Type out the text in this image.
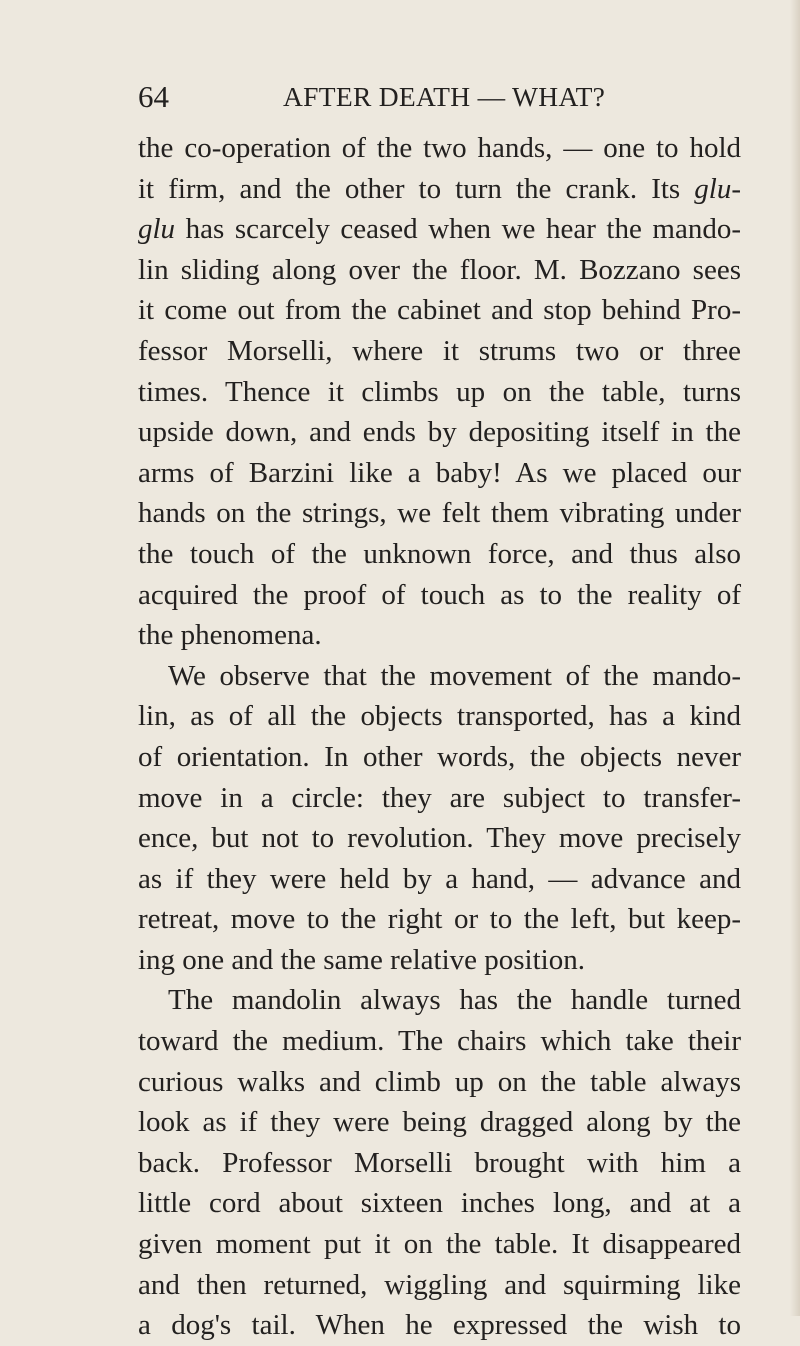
64	AFTER DEATH — WHAT?
the co-operation of the two hands, — one to hold
it firm, and the other to turn the crank. Its glu-
glu has scarcely ceased when we hear the mando-
lin sliding along over the floor. M. Bozzano sees
it come out from the cabinet and stop behind Pro-
fessor Morselli, where it strums two or three
times. Thence it climbs up on the table, turns
upside down, and ends by depositing itself in the
arms of Barzini like a baby! As we placed our
hands on the strings, we felt them vibrating under
the touch of the unknown force, and thus also
acquired the proof of touch as to the reality of
the phenomena.
We observe that the movement of the mando-
lin, as of all the objects transported, has a kind
of orientation. In other words, the objects never
move in a circle: they are subject to transfer-
ence, but not to revolution. They move precisely
as if they were held by a hand, — advance and
retreat, move to the right or to the left, but keep-
ing one and the same relative position.
The mandolin always has the handle turned
toward the medium. The chairs which take their
curious walks and climb up on the table always
look as if they were being dragged along by the
back. Professor Morselli brought with him a
little cord about sixteen inches long, and at a
given moment put it on the table. It disappeared
and then returned, wiggling and squirming like
a dog's tail. When he expressed the wish to
